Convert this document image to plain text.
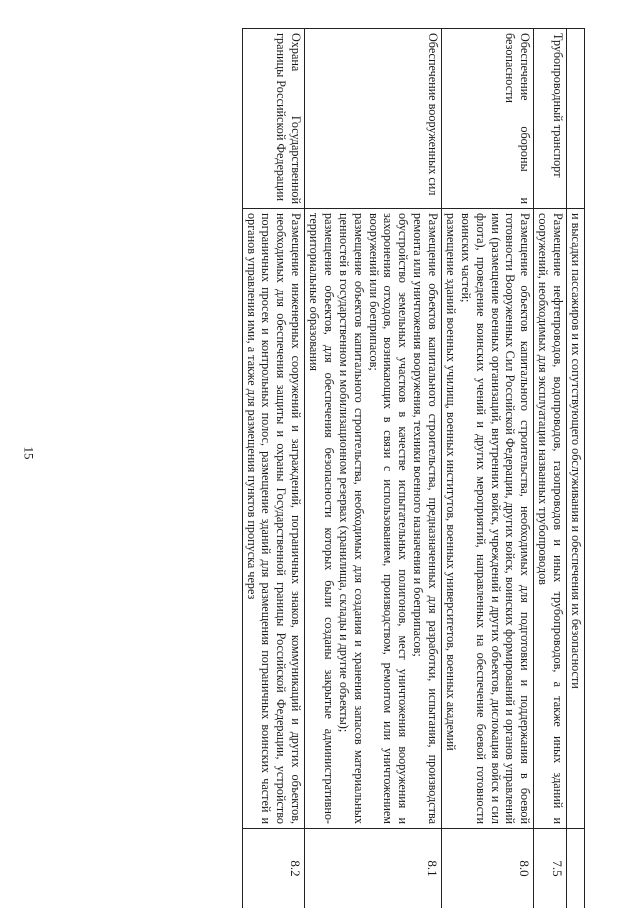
15

	и высадки пассажиров и их сопутствующего обслуживания и обеспечения их безопасности	

Трубопроводный транспорт	Размещение нефтепроводов, водопроводов, газопроводов и иных трубопроводов, а также иных зданий и сооружений, необходимых для эксплуатации названных трубопроводов	7.5
Обеспечение обороны и безопасности	Размещение объектов капитального строительства, необходимых для подготовки и поддержания в боевой готовности Вооруженных Сил Российской Федерации, других войск, воинских формирований и органов управлений ими (размещение военных организаций, внутренних войск, учреждений и других объектов, дислокация войск и сил флота), проведение воинских учений и других мероприятий, направленных на обеспечение боевой готовности воинских частей;

размещение зданий военных училищ, военных институтов, военных университетов, военных академий	8.0
Обеспечение вооруженных сил	Размещение объектов капитального строительства, предназначенных для разработки, испытания, производства ремонта или уничтожения вооружения, техники военного назначения и боеприпасов;

обустройство земельных участков в качестве испытательных полигонов, мест уничтожения вооружения и захоронения отходов, возникающих в связи с использованием, производством, ремонтом или уничтожением вооружений или боеприпасов;

размещение объектов капитального строительства, необходимых для создания и хранения запасов материальных ценностей в государственном и мобилизационном резервах (хранилища, склады и другие объекты);

размещение объектов, для обеспечения безопасности которых были созданы закрытые административно-территориальные образования	8.1
Охрана Государственной границы Российской Федерации	Размещение инженерных сооружений и заграждений, пограничных знаков, коммуникаций и других объектов, необходимых для обеспечения защиты и охраны Государственной границы Российской Федерации, устройство пограничных просек и контрольных полос, размещение зданий для размещения пограничных воинских частей и органов управления ими, а также для размещения пунктов пропуска через	8.2
